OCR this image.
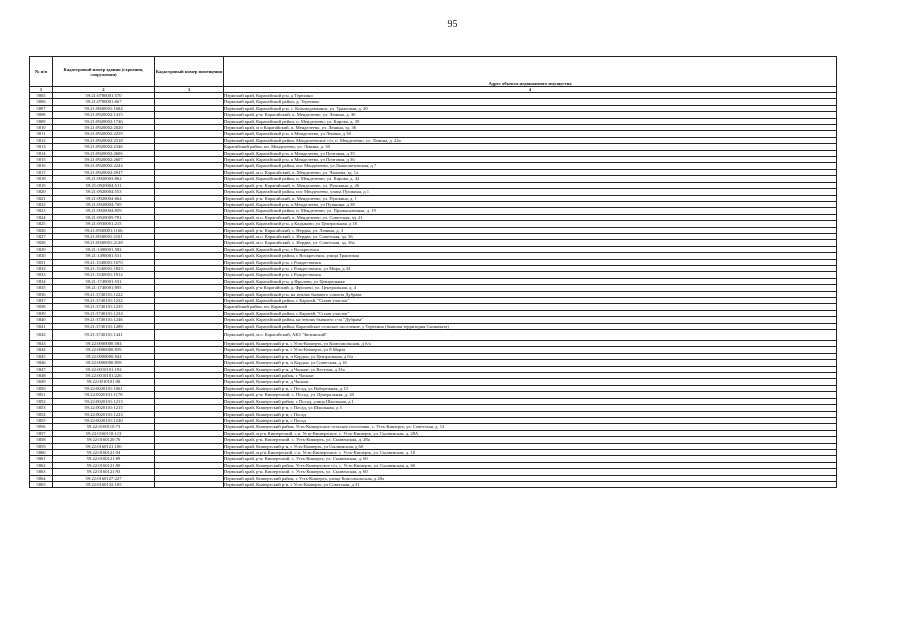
95
№ п/п	Кадастровый номер здания (строения, сооружения)	Кадастровый номер помещения	Адрес объекта недвижимого имущества
1	2	3	4
5805	59:21:0780001:570		Пермский край, Карагайский р-н, д Терехино
5806	59:21:0780001:667		Пермский край, Карагайский район, д. Терехино
5807	59:21:0840001:1684		Пермский край, Карагайский р-н, с. Козьмодемьянск, ул. Трактовая, д. 20
5808	59:21:0920002:1415		Пермский край, р-н. Карагайский, п. Менделеево, ул. Ленина, д. 36
5809	59:21:0920002:1746		Пермский край, Карагайский район, п. Менделеево, ул. Кирова, д. 39
5810	59:21:0920002:2020		Пермский край, м о Карагайский, п. Менделеево, ул. Ленина, зд. 36
5811	59:21:0920002:2259		Пермский край, Карагайский р-н, п Менделеево, ул Ленина, д 30
5812	59:21:0920002:2318		Пермский край, Карагайский район, Менделеевское с/п, п. Менделеево, ул. Ленина, д. 22а
5813	59:21:0920002:2346		Карагайский район, пп. Менделеево, ул. Ленина, д. 30
5814	59:21:0920002:2606		Пермский край, Карагайский р-н, п Менделеево, ул Почтовая, д 35
5815	59:21:0920002:2607		Пермский край, Карагайский р-н, п Менделеево, ул Почтовая, д 36
5816	59:21:0920002:2244		Пермский край, Карагайский район, пос Менделеево, ул Лыкосметовская, д 7
5817	59:21:0920002:2947		Пермский край, м.о. Карагайский, п. Менделеево, ул. Чапаева, зд. 1а
5818	59:21:0920003:862		Пермский край, Карагайский район, п. Менделеево, ул. Кирова, д. 42
5819	59:21:0920004:511		Пермский край, р-н. Карагайский, п. Менделеево, ул. Пушкина, д. 26
5820	59:21:0920004:553		Пермский край, Карагайский район, пос Менделеево, улица Пушкина, д 1
5821	59:21:0920004:664		Пермский край, р-н. Карагайский, п. Менделеево, ул. Пушкина, д. 1
5822	59:21:0920004:769		Пермский край, Карагайский р-н, п Менделеево, ул Пушкина, д 38
5823	59:21:0920004:859		Пермский край, Карагайский район, п. Менделеево, ул. Промышленная, д. 19
5824	59:21:0920005:781		Пермский край, м.о. Карагайский, п. Менделеево, ул. Советская, зд. 21
5825	59:21:0930001:215		Пермский край, Карагайский р-н, д Кадыково, ул Центральная, д 18
5826	59:21:0940001:1166		Пермский край, р-н. Карагайский, с. Нердва, ул. Ленина, д. 3
5827	59:21:0940001:2101		Пермский край, м.о. Карагайский, с. Нердва, ул. Советская, зд. 36
5828	59:21:0940001:2128		Пермский край, м.о. Карагайский, с. Нердва, ул. Советская, зд. 36а
5829	59:21:1490001:582		Пермский край, Карагайский р-н, с Воскресенск
5830	59:21:1490001:531		Пермский край, Карагайский район, с Воскресенск, улица Трактовая
5831	59:21:1540001:1670		Пермский край, Карагайский р-н, с Рождественск
5832	59:21:1540001:1823		Пермский край, Карагайский р-н, с Рождественск, ул Мира, д 34
5833	59:21:1540001:1912		Пермский край, Карагайский р-н, с Рождественск
5834	59:21:1740001:531		Пермский край, Карагайский р-н, д Фролово, ул Центральная
5835	59:21:1740001:895		Пермский край, р-н Карагайский, д. Фролово, ул. Центральная, д. 4
5836	59:21:3740101:1222		Пермский край, Карагайский р-н, на землях бывшего совхоза Дубрава
5837	59:21:3740101:1232		Пермский край, Карагайский район, с Карагай, "Сплав участок"
5838	59:21:3740101:1235		Карагайский район, пп. Карагай
5839	59:21:3740101:1234		Пермский край, Карагайский район, с Карагай, "Сплав участок"
5840	59:21:3740101:1246		Пермский край, Карагайский район, на землях бывшего с-за "Дубрава"
5841	59:21:3740101:1288		Пермский край, Карагайский район, Карагайское сельское поселение, у Терехино (бывшая территория Сылвачата)
5842	59:21:3740101:1441		Пермский край, м.о. Карагайский, АКЗ "Зюзинский"
5843	59:22:0000000:584		Пермский край, Кишертский р-н, с Усть-Кишерть, ул Комсомольская, д 6/а
5844	59:22:0000000:839		Пермский край, Кишертский р-н, с Усть-Кишерть, ул 8 Марта
5845	59:22:0000000:844		Пермский край, Кишертский р-н, п Кордон, ул Центральная, д 6/а
5846	59:22:0000000:858		Пермский край, Кишертский р-н, п Кордон, ул Советская, д 16
5847	59:22:0010101:192		Пермский край, Кишертский р-н, д Часные, ул Веселая, д 33а
5848	59:22:0010101:226		Пермский край, Кишертский район, с Часные
5849	59:22:0010101:98		Пермский край, Кишертский р-н, д Часные
5850	59:22:0020101:1061		Пермский край, Кишертский р-н, с Посад, ул Набережная, д 13
5851	59:22:0020101:1178		Пермский край, р-н. Кишертский, с. Посад, ул. Центральная, д. 20
5852	59:22:0020101:1213		Пермский край, Кишертский район, с Посад, улица Школьная, д 1
5853	59:22:0020101:1215		Пермский край, Кишертский р-н, с Посад, ул Школьная, д 3
5854	59:22:0020101:1223		Пермский край, Кишертский р-н, с Посад
5855	59:22:0020101:1240		Пермский край, Кишертский р-н, с Посад
5856	59:22:0160110:73		Пермский край, Кишертский район, Усть-Кишертское сельское поселение, с. Усть-Кишерть, ул. Советская, д. 12
5857	59:22:0160118:113		Пермский край, м.р-н Кишертский, с.п. Усть-Кишертское, с. Усть-Кишерть, ул. Сылвенская, д. 28А
5858	59:22:0160120:76		Пермский край, р-н. Кишертский, с. Усть-Кишерть, ул. Сылвенская, д. 28а
5859	59:22:0160121:100		Пермский край, Кишертский р-н, с Усть-Кишерть, ул Сылвенская, д 60
5860	59:22:0160121:94		Пермский край, м.р-н Кишертский, с.п. Усть-Кишертское, с. Усть-Кишерть, ул. Сылвенская, д. 10
5861	59:22:0160121:89		Пермский край, р-н. Кишертский, с. Усть-Кишерть, ул. Сылвенская, д. 60
5862	59:22:0160121:90		Пермский край, Кишертский район, Усть-Кишертское с/п, с. Усть-Кишерть, ул. Сылвенская, д. 60
5863	59:22:0160121:93		Пермский край, р-н. Кишертский, с. Усть-Кишерть, ул. Сылвенская, д. 60
5864	59:22:0160127:227		Пермский край, Кишертский район, с Усть-Кишерть, улица Комсомольская, д 28а
5865	59:22:0160132:105		Пермский край, Кишертский р-н, с Усть-Кишерть, ул Советская, д 31
